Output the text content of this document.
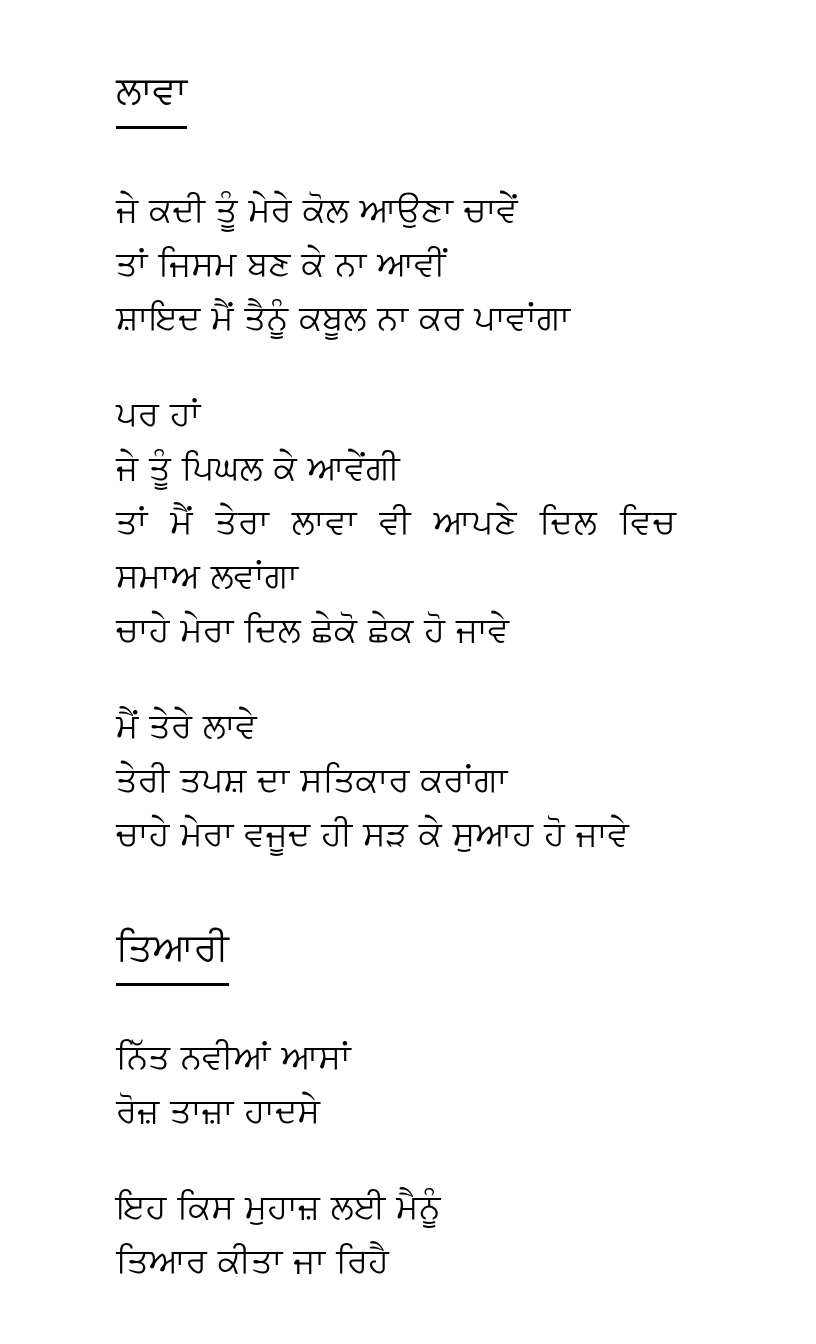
ਲਾਵਾ
ਜੇ ਕਦੀ ਤੂੰ ਮੇਰੇ ਕੋਲ ਆਉਣਾ ਚਾਵੇਂ
ਤਾਂ ਜਿਸਮ ਬਣ ਕੇ ਨਾ ਆਵੀਂ
ਸ਼ਾਇਦ ਮੈਂ ਤੈਨੂੰ ਕਬੂਲ ਨਾ ਕਰ ਪਾਵਾਂਗਾ
ਪਰ ਹਾਂ
ਜੇ ਤੂੰ ਪਿਘਲ ਕੇ ਆਵੇਂਗੀ
ਤਾਂ ਮੈਂ ਤੇਰਾ ਲਾਵਾ ਵੀ ਆਪਣੇ ਦਿਲ ਵਿਚ
ਸਮਾਅ ਲਵਾਂਗਾ
ਚਾਹੇ ਮੇਰਾ ਦਿਲ ਛੇਕੋ ਛੇਕ ਹੋ ਜਾਵੇ
ਮੈਂ ਤੇਰੇ ਲਾਵੇ
ਤੇਰੀ ਤਪਸ਼ ਦਾ ਸਤਿਕਾਰ ਕਰਾਂਗਾ
ਚਾਹੇ ਮੇਰਾ ਵਜੂਦ ਹੀ ਸੜ ਕੇ ਸੁਆਹ ਹੋ ਜਾਵੇ
ਤਿਆਰੀ
ਨਿੱਤ ਨਵੀਆਂ ਆਸਾਂ
ਰੋਜ਼ ਤਾਜ਼ਾ ਹਾਦਸੇ
ਇਹ ਕਿਸ ਮੁਹਾਜ਼ ਲਈ ਮੈਨੂੰ
ਤਿਆਰ ਕੀਤਾ ਜਾ ਰਿਹੈ
